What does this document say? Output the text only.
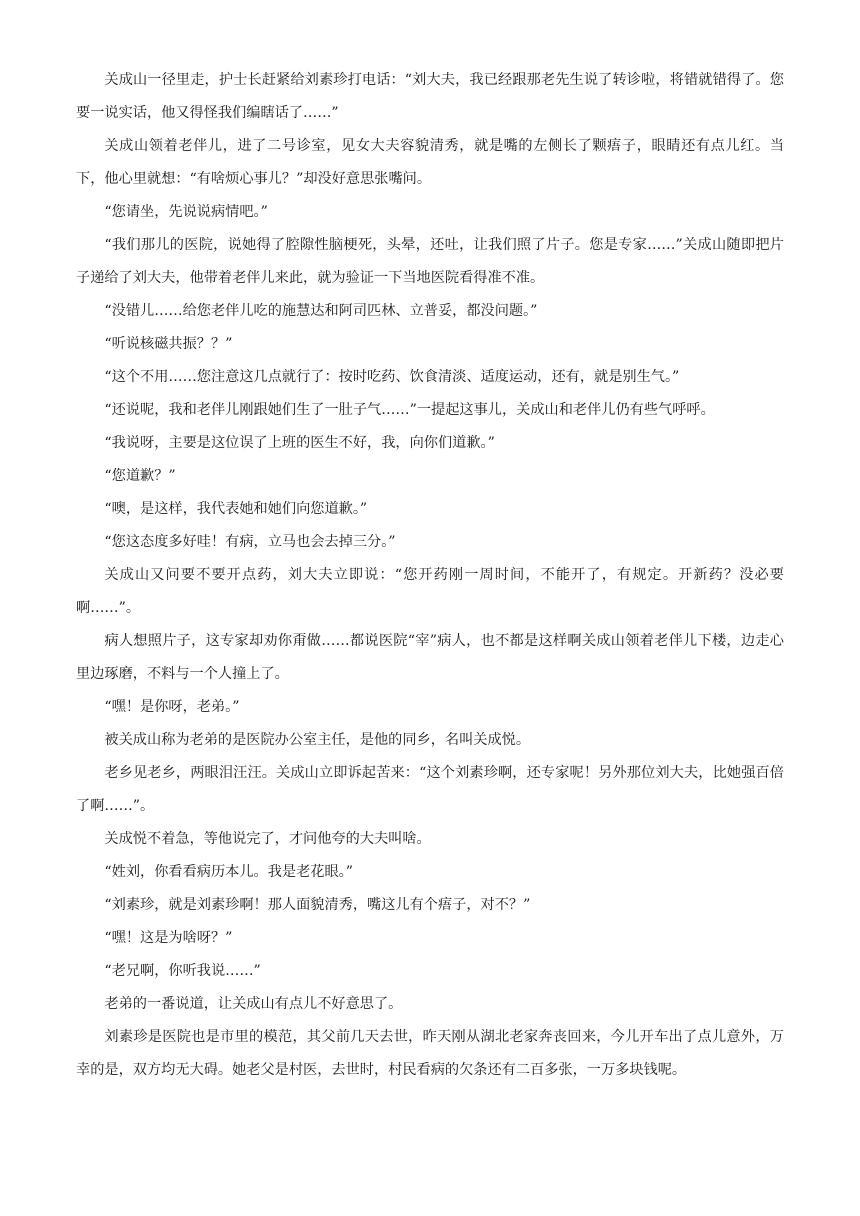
关成山一径里走，护士长赶紧给刘素珍打电话：“刘大夫，我已经跟那老先生说了转诊啦，将错就错得了。您要一说实话，他又得怪我们编瞎话了……”

关成山领着老伴儿，进了二号诊室，见女大夫容貌清秀，就是嘴的左侧长了颗痦子，眼睛还有点儿红。当下，他心里就想：“有啥烦心事儿？”却没好意思张嘴问。

“您请坐，先说说病情吧。”

“我们那儿的医院，说她得了腔隙性脑梗死，头晕，还吐，让我们照了片子。您是专家……”关成山随即把片子递给了刘大夫，他带着老伴儿来此，就为验证一下当地医院看得准不准。

“没错儿……给您老伴儿吃的施慧达和阿司匹林、立普妥，都没问题。”

“听说核磁共振？？”

“这个不用……您注意这几点就行了：按时吃药、饮食清淡、适度运动，还有，就是别生气。”

“还说呢，我和老伴儿刚跟她们生了一肚子气……”一提起这事儿，关成山和老伴儿仍有些气呼呼。

“我说呀，主要是这位误了上班的医生不好，我，向你们道歉。”

“您道歉？”

“噢，是这样，我代表她和她们向您道歉。”

“您这态度多好哇！有病，立马也会去掉三分。”

关成山又问要不要开点药，刘大夫立即说：“您开药刚一周时间，不能开了，有规定。开新药？没必要啊……”。

病人想照片子，这专家却劝你甭做……都说医院“宰”病人，也不都是这样啊关成山领着老伴儿下楼，边走心里边琢磨，不料与一个人撞上了。

“嘿！是你呀，老弟。”

被关成山称为老弟的是医院办公室主任，是他的同乡，名叫关成悦。

老乡见老乡，两眼泪汪汪。关成山立即诉起苦来：“这个刘素珍啊，还专家呢！另外那位刘大夫，比她强百倍了啊……”。

关成悦不着急，等他说完了，才问他夸的大夫叫啥。

“姓刘，你看看病历本儿。我是老花眼。”

“刘素珍，就是刘素珍啊！那人面貌清秀，嘴这儿有个痦子，对不？”

“嘿！这是为啥呀？”

“老兄啊，你听我说……”

老弟的一番说道，让关成山有点儿不好意思了。

刘素珍是医院也是市里的模范，其父前几天去世，昨天刚从湖北老家奔丧回来，今儿开车出了点儿意外，万幸的是，双方均无大碍。她老父是村医，去世时，村民看病的欠条还有二百多张，一万多块钱呢。
